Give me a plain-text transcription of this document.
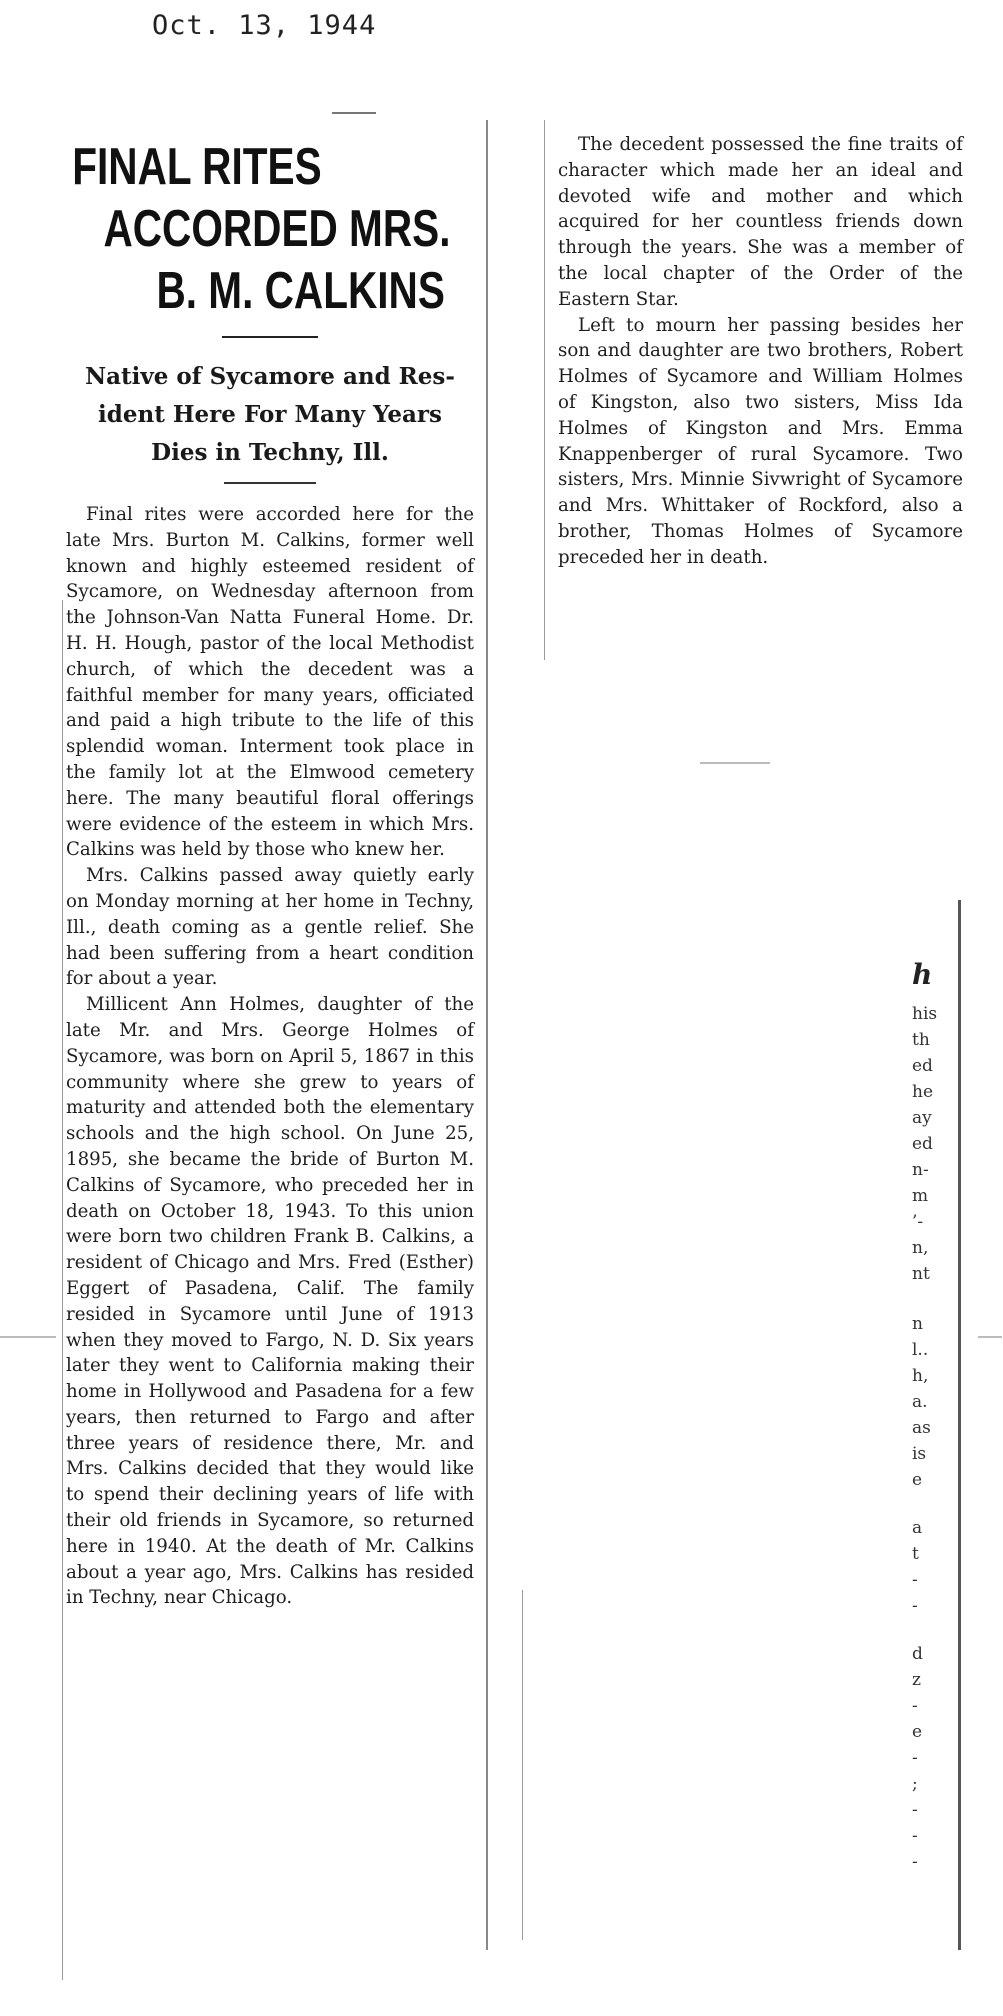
Oct. 13, 1944
FINAL RITES
ACCORDED MRS.
B. M. CALKINS
Native of Sycamore and Res-
ident Here For Many Years
Dies in Techny, Ill.

Final rites were accorded here for the late Mrs. Burton M. Calkins, former well known and highly esteemed resident of Sycamore, on Wednesday afternoon from the Johnson-Van Natta Funeral Home. Dr. H. H. Hough, pastor of the local Methodist church, of which the decedent was a faithful member for many years, officiated and paid a high tribute to the life of this splendid woman. Interment took place in the family lot at the Elmwood cemetery here. The many beautiful floral offerings were evidence of the esteem in which Mrs. Calkins was held by those who knew her.

Mrs. Calkins passed away quietly early on Monday morning at her home in Techny, Ill., death coming as a gentle relief. She had been suffering from a heart condition for about a year.

Millicent Ann Holmes, daughter of the late Mr. and Mrs. George Holmes of Sycamore, was born on April 5, 1867 in this community where she grew to years of maturity and attended both the elementary schools and the high school. On June 25, 1895, she became the bride of Burton M. Calkins of Sycamore, who preceded her in death on October 18, 1943. To this union were born two children Frank B. Calkins, a resident of Chicago and Mrs. Fred (Esther) Eggert of Pasadena, Calif. The family resided in Sycamore until June of 1913 when they moved to Fargo, N. D. Six years later they went to California making their home in Hollywood and Pasadena for a few years, then returned to Fargo and after three years of residence there, Mr. and Mrs. Calkins decided that they would like to spend their declining years of life with their old friends in Sycamore, so returned here in 1940. At the death of Mr. Calkins about a year ago, Mrs. Calkins has resided in Techny, near Chicago.

The decedent possessed the fine traits of character which made her an ideal and devoted wife and mother and which acquired for her countless friends down through the years. She was a member of the local chapter of the Order of the Eastern Star.

Left to mourn her passing besides her son and daughter are two brothers, Robert Holmes of Sycamore and William Holmes of Kingston, also two sisters, Miss Ida Holmes of Kingston and Mrs. Emma Knappenberger of rural Sycamore. Two sisters, Mrs. Minnie Sivwright of Sycamore and Mrs. Whittaker of Rockford, also a brother, Thomas Holmes of Sycamore preceded her in death.

h
his
th
ed
he
ay
ed
n-
m
’-
n,
nt
n
l..
h,
a.
as
is
e
a
t
-
-
d
z
-
e
-
;
-
-
-
